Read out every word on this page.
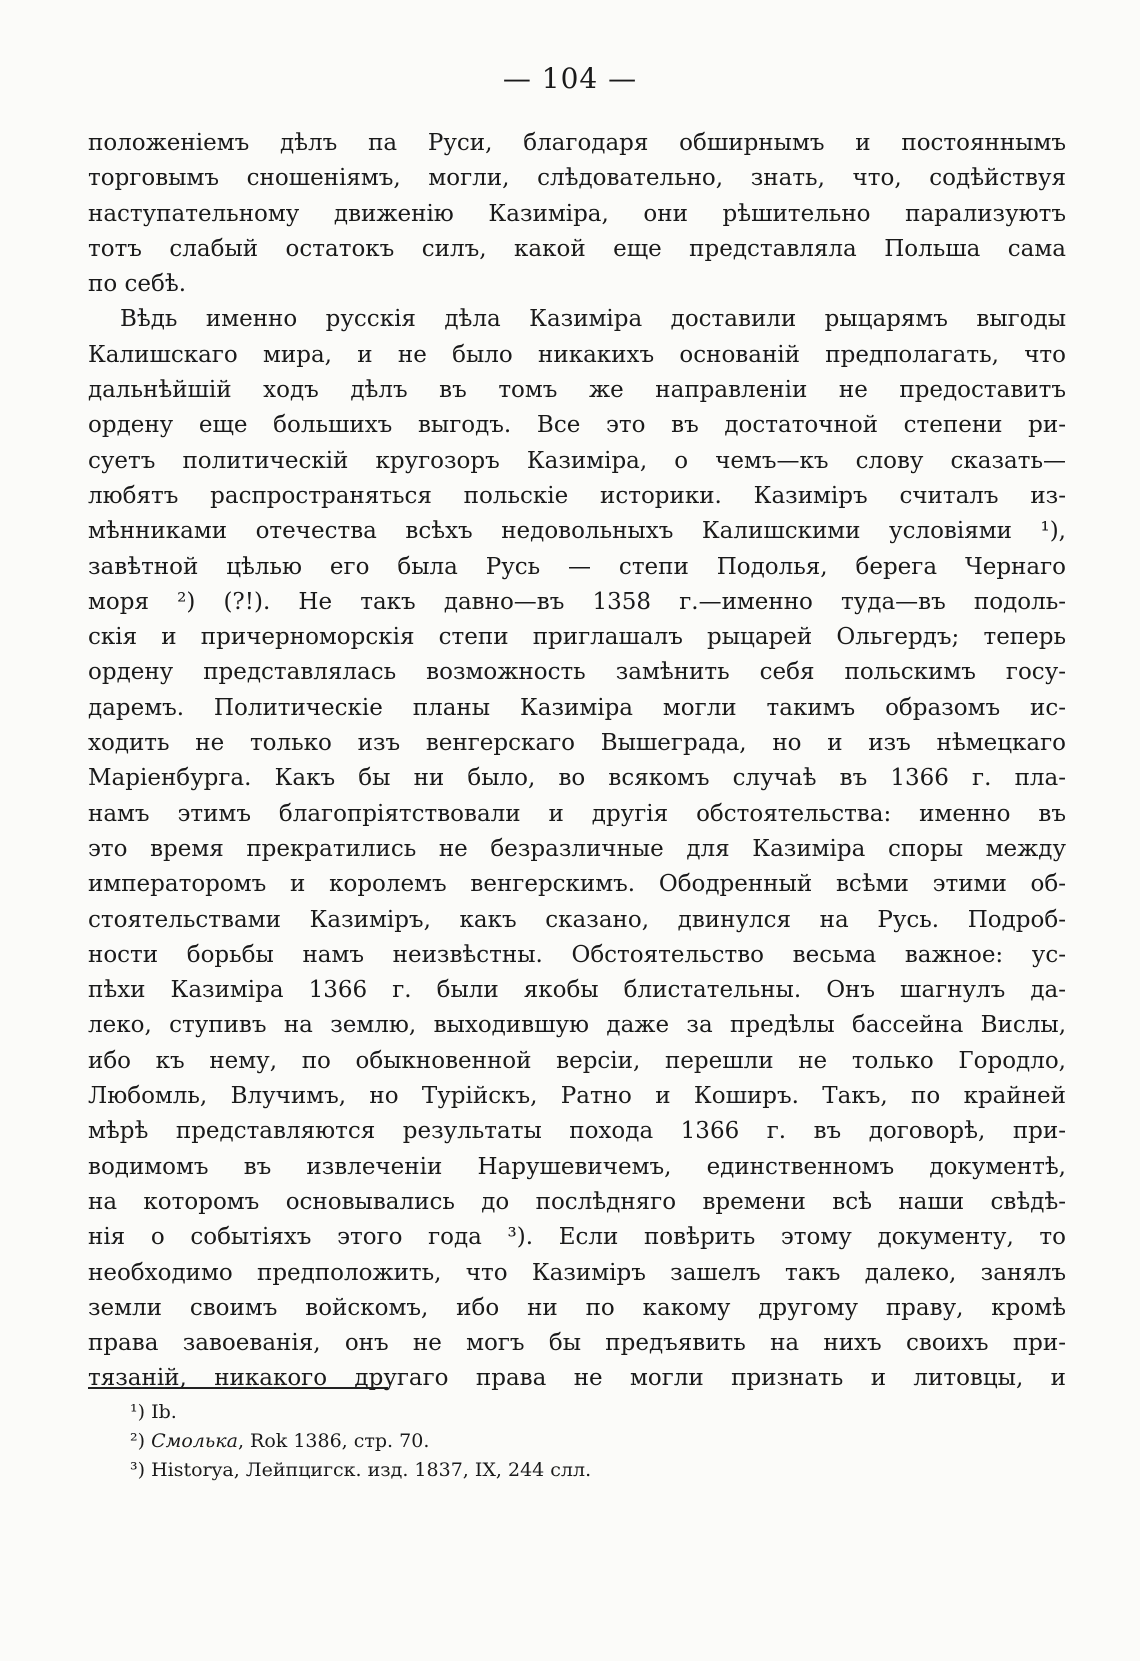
— 104 —
положеніемъ дѣлъ па Руси, благодаря обширнымъ и постояннымъ
торговымъ сношеніямъ, могли, слѣдовательно, знать, что, содѣйствуя
наступательному движенію Казиміра, они рѣшительно парализуютъ
тотъ слабый остатокъ силъ, какой еще представляла Польша сама
по себѣ.
Вѣдь именно русскія дѣла Казиміра доставили рыцарямъ выгоды
Калишскаго мира, и не было никакихъ основаній предполагать, что
дальнѣйшій ходъ дѣлъ въ томъ же направленіи не предоставитъ
ордену еще большихъ выгодъ. Все это въ достаточной степени ри-
суетъ политическій кругозоръ Казиміра, о чемъ—къ слову сказать—
любятъ распространяться польскіе историки. Казиміръ считалъ из-
мѣнниками отечества всѣхъ недовольныхъ Калишскими условіями ¹),
завѣтной цѣлью его была Русь — степи Подолья, берега Чернаго
моря ²) (?!). Не такъ давно—въ 1358 г.—именно туда—въ подоль-
скія и причерноморскія степи приглашалъ рыцарей Ольгердъ; теперь
ордену представлялась возможность замѣнить себя польскимъ госу-
даремъ. Политическіе планы Казиміра могли такимъ образомъ ис-
ходить не только изъ венгерскаго Вышеграда, но и изъ нѣмецкаго
Маріенбурга. Какъ бы ни было, во всякомъ случаѣ въ 1366 г. пла-
намъ этимъ благопріятствовали и другія обстоятельства: именно въ
это время прекратились не безразличные для Казиміра споры между
императоромъ и королемъ венгерскимъ. Ободренный всѣми этими об-
стоятельствами Казиміръ, какъ сказано, двинулся на Русь. Подроб-
ности борьбы намъ неизвѣстны. Обстоятельство весьма важное: ус-
пѣхи Казиміра 1366 г. были якобы блистательны. Онъ шагнулъ да-
леко, ступивъ на землю, выходившую даже за предѣлы бассейна Вислы,
ибо къ нему, по обыкновенной версіи, перешли не только Городло,
Любомль, Влучимъ, но Турійскъ, Ратно и Коширъ. Такъ, по крайней
мѣрѣ представляются результаты похода 1366 г. въ договорѣ, при-
водимомъ въ извлеченіи Нарушевичемъ, единственномъ документѣ,
на которомъ основывались до послѣдняго времени всѣ наши свѣдѣ-
нія о событіяхъ этого года ³). Если повѣрить этому документу, то
необходимо предположить, что Казиміръ зашелъ такъ далеко, занялъ
земли своимъ войскомъ, ибо ни по какому другому праву, кромѣ
права завоеванія, онъ не могъ бы предъявить на нихъ своихъ при-
тязаній, никакого другаго права не могли признать и литовцы, и
¹) Ib.
²) Смолька, Rok 1386, стр. 70.
³) Historya, Лейпцигск. изд. 1837, IX, 244 слл.
